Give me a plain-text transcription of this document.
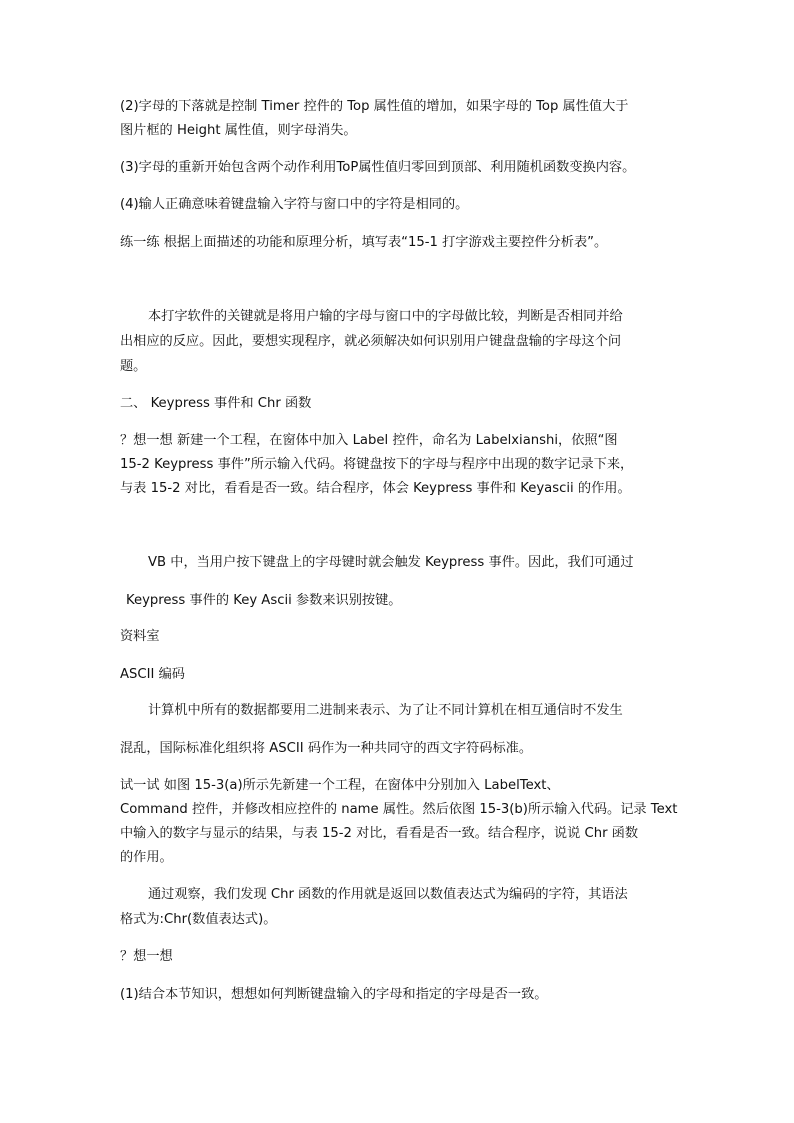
(2)字母的下落就是控制 Timer 控件的 Top 属性值的增加，如果字母的 Top 属性值大于
图片框的 Height 属性值，则字母消失。
(3)字母的重新开始包含两个动作利用ToP属性值归零回到顶部、利用随机函数变换内容。
(4)输人正确意味着键盘输入字符与窗口中的字符是相同的。
练一练 根据上面描述的功能和原理分析，填写表“15-1 打字游戏主要控件分析表”。
本打字软件的关键就是将用户输的字母与窗口中的字母做比较，判断是否相同并给
出相应的反应。因此，要想实现程序，就必须解决如何识别用户键盘盘输的字母这个问
题。
二、 Keypress 事件和 Chr 函数
？想一想 新建一个工程，在窗体中加入 Label 控件，命名为 Labelxianshi，依照“图
15-2 Keypress 事件”所示输入代码。将键盘按下的字母与程序中出现的数字记录下来，
与表 15-2 对比，看看是否一致。结合程序，体会 Keypress 事件和 Keyascii 的作用。
VB 中，当用户按下键盘上的字母键时就会触发 Keypress 事件。因此，我们可通过
Keypress 事件的 Key Ascii 参数来识别按键。
资料室
ASCII 编码
计算机中所有的数据都要用二进制来表示、为了让不同计算机在相互通信时不发生
混乱，国际标准化组织将 ASCII 码作为一种共同守的西文字符码标准。
试一试 如图 15-3(a)所示先新建一个工程，在窗体中分别加入 LabelText、
Command 控件，并修改相应控件的 name 属性。然后依图 15-3(b)所示输入代码。记录 Text
中输入的数字与显示的结果，与表 15-2 对比，看看是否一致。结合程序，说说 Chr 函数
的作用。
通过观察，我们发现 Chr 函数的作用就是返回以数值表达式为编码的字符，其语法
格式为:Chr(数值表达式)。
？想一想
(1)结合本节知识，想想如何判断键盘输入的字母和指定的字母是否一致。
